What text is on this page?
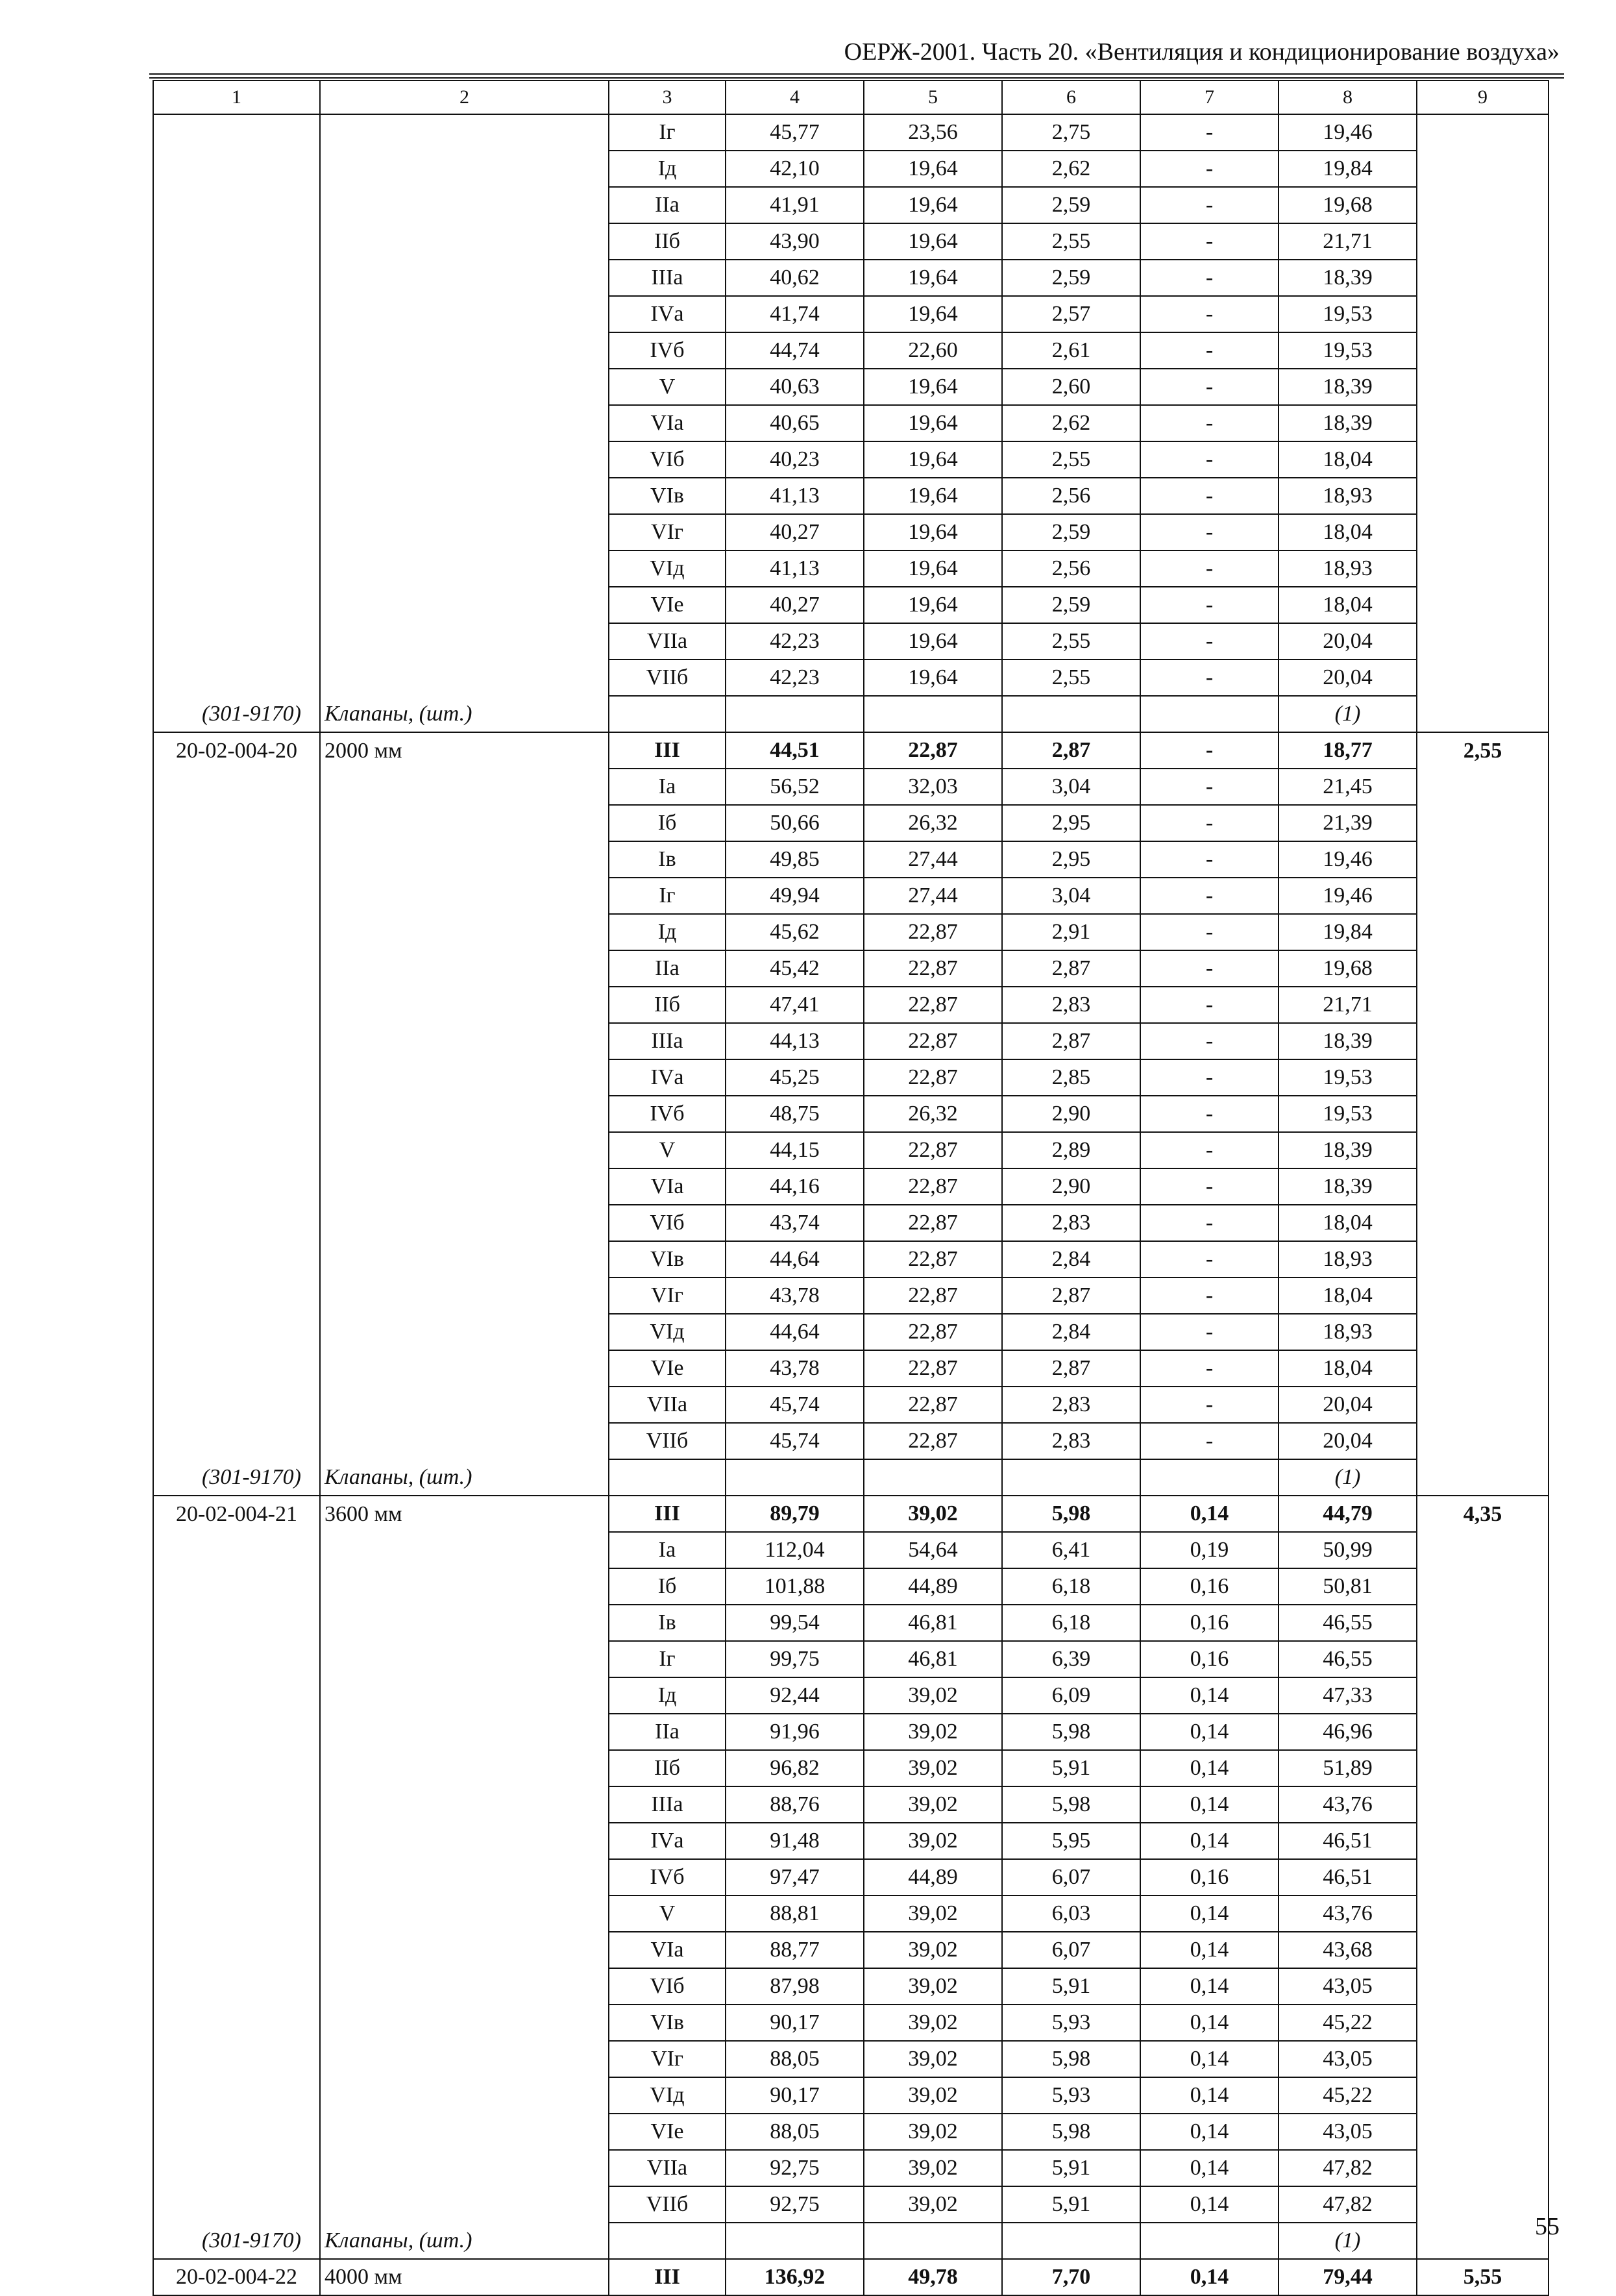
ОЕРЖ-2001. Часть 20. «Вентиляция и кондиционирование воздуха»
1	2	3	4	5	6	7	8	9
		Iг	45,77	23,56	2,75	-	19,46	
		Iд	42,10	19,64	2,62	-	19,84	
		IIа	41,91	19,64	2,59	-	19,68	
		IIб	43,90	19,64	2,55	-	21,71	
		IIIа	40,62	19,64	2,59	-	18,39	
		IVа	41,74	19,64	2,57	-	19,53	
		IVб	44,74	22,60	2,61	-	19,53	
		V	40,63	19,64	2,60	-	18,39	
		VIа	40,65	19,64	2,62	-	18,39	
		VIб	40,23	19,64	2,55	-	18,04	
		VIв	41,13	19,64	2,56	-	18,93	
		VIг	40,27	19,64	2,59	-	18,04	
		VIд	41,13	19,64	2,56	-	18,93	
		VIе	40,27	19,64	2,59	-	18,04	
		VIIа	42,23	19,64	2,55	-	20,04	
		VIIб	42,23	19,64	2,55	-	20,04	
(301-9170)	Клапаны, (шт.)						(1)	
20-02-004-20	2000 мм	III	44,51	22,87	2,87	-	18,77	2,55
		Iа	56,52	32,03	3,04	-	21,45	
		Iб	50,66	26,32	2,95	-	21,39	
		Iв	49,85	27,44	2,95	-	19,46	
		Iг	49,94	27,44	3,04	-	19,46	
		Iд	45,62	22,87	2,91	-	19,84	
		IIа	45,42	22,87	2,87	-	19,68	
		IIб	47,41	22,87	2,83	-	21,71	
		IIIа	44,13	22,87	2,87	-	18,39	
		IVа	45,25	22,87	2,85	-	19,53	
		IVб	48,75	26,32	2,90	-	19,53	
		V	44,15	22,87	2,89	-	18,39	
		VIа	44,16	22,87	2,90	-	18,39	
		VIб	43,74	22,87	2,83	-	18,04	
		VIв	44,64	22,87	2,84	-	18,93	
		VIг	43,78	22,87	2,87	-	18,04	
		VIд	44,64	22,87	2,84	-	18,93	
		VIе	43,78	22,87	2,87	-	18,04	
		VIIа	45,74	22,87	2,83	-	20,04	
		VIIб	45,74	22,87	2,83	-	20,04	
(301-9170)	Клапаны, (шт.)						(1)	
20-02-004-21	3600 мм	III	89,79	39,02	5,98	0,14	44,79	4,35
		Iа	112,04	54,64	6,41	0,19	50,99	
		Iб	101,88	44,89	6,18	0,16	50,81	
		Iв	99,54	46,81	6,18	0,16	46,55	
		Iг	99,75	46,81	6,39	0,16	46,55	
		Iд	92,44	39,02	6,09	0,14	47,33	
		IIа	91,96	39,02	5,98	0,14	46,96	
		IIб	96,82	39,02	5,91	0,14	51,89	
		IIIа	88,76	39,02	5,98	0,14	43,76	
		IVа	91,48	39,02	5,95	0,14	46,51	
		IVб	97,47	44,89	6,07	0,16	46,51	
		V	88,81	39,02	6,03	0,14	43,76	
		VIа	88,77	39,02	6,07	0,14	43,68	
		VIб	87,98	39,02	5,91	0,14	43,05	
		VIв	90,17	39,02	5,93	0,14	45,22	
		VIг	88,05	39,02	5,98	0,14	43,05	
		VIд	90,17	39,02	5,93	0,14	45,22	
		VIе	88,05	39,02	5,98	0,14	43,05	
		VIIа	92,75	39,02	5,91	0,14	47,82	
		VIIб	92,75	39,02	5,91	0,14	47,82	
(301-9170)	Клапаны, (шт.)						(1)	
20-02-004-22	4000 мм	III	136,92	49,78	7,70	0,14	79,44	5,55
55
